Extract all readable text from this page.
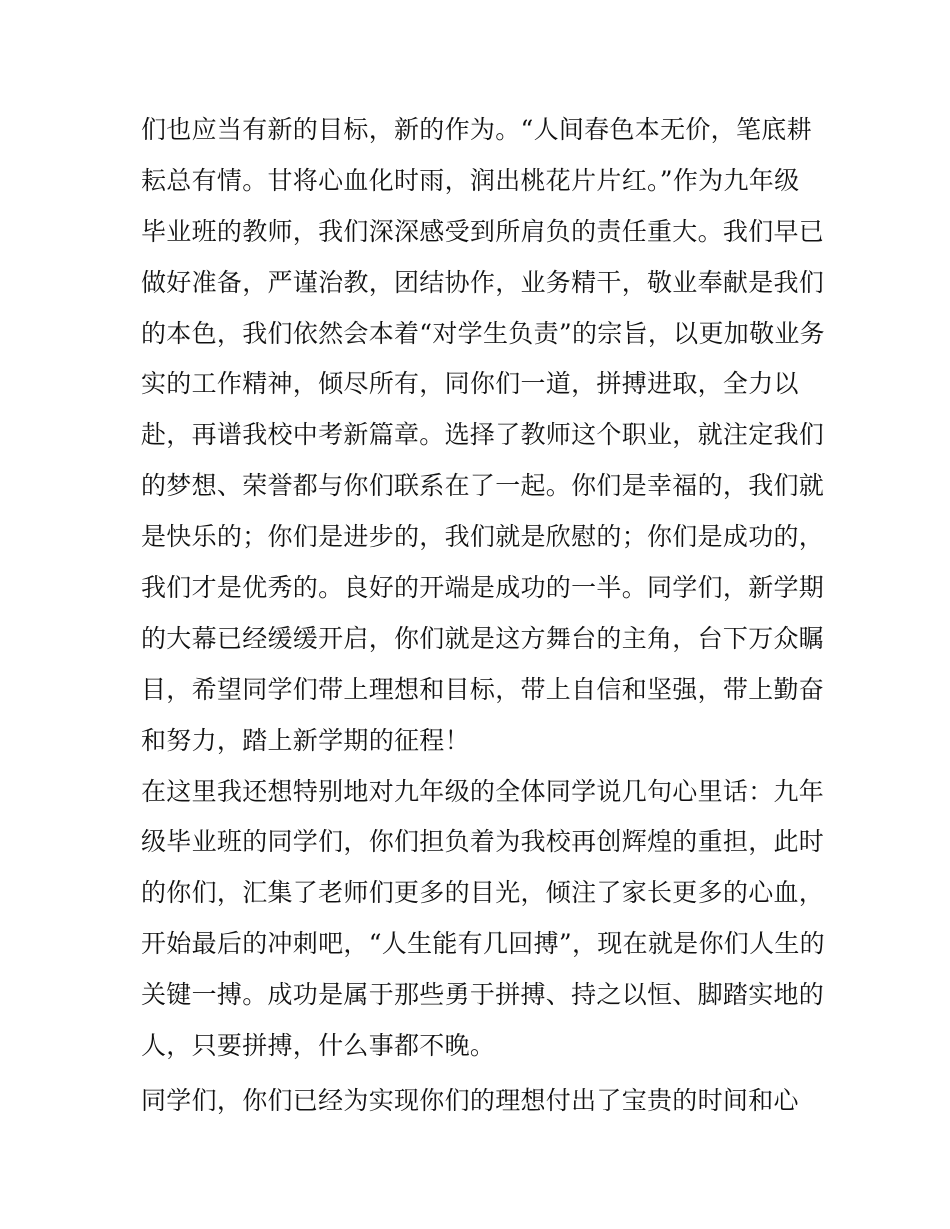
们也应当有新的目标，新的作为。“人间春色本无价，笔底耕
耘总有情。甘将心血化时雨，润出桃花片片红。”作为九年级
毕业班的教师，我们深深感受到所肩负的责任重大。我们早已
做好准备，严谨治教，团结协作，业务精干，敬业奉献是我们
的本色，我们依然会本着“对学生负责”的宗旨，以更加敬业务
实的工作精神，倾尽所有，同你们一道，拼搏进取，全力以
赴，再谱我校中考新篇章。选择了教师这个职业，就注定我们
的梦想、荣誉都与你们联系在了一起。你们是幸福的，我们就
是快乐的；你们是进步的，我们就是欣慰的；你们是成功的，
我们才是优秀的。良好的开端是成功的一半。同学们，新学期
的大幕已经缓缓开启，你们就是这方舞台的主角，台下万众瞩
目，希望同学们带上理想和目标，带上自信和坚强，带上勤奋
和努力，踏上新学期的征程！
在这里我还想特别地对九年级的全体同学说几句心里话：九年
级毕业班的同学们，你们担负着为我校再创辉煌的重担，此时
的你们，汇集了老师们更多的目光，倾注了家长更多的心血，
开始最后的冲刺吧，“人生能有几回搏”，现在就是你们人生的
关键一搏。成功是属于那些勇于拼搏、持之以恒、脚踏实地的
人，只要拼搏，什么事都不晚。
同学们，你们已经为实现你们的理想付出了宝贵的时间和心
